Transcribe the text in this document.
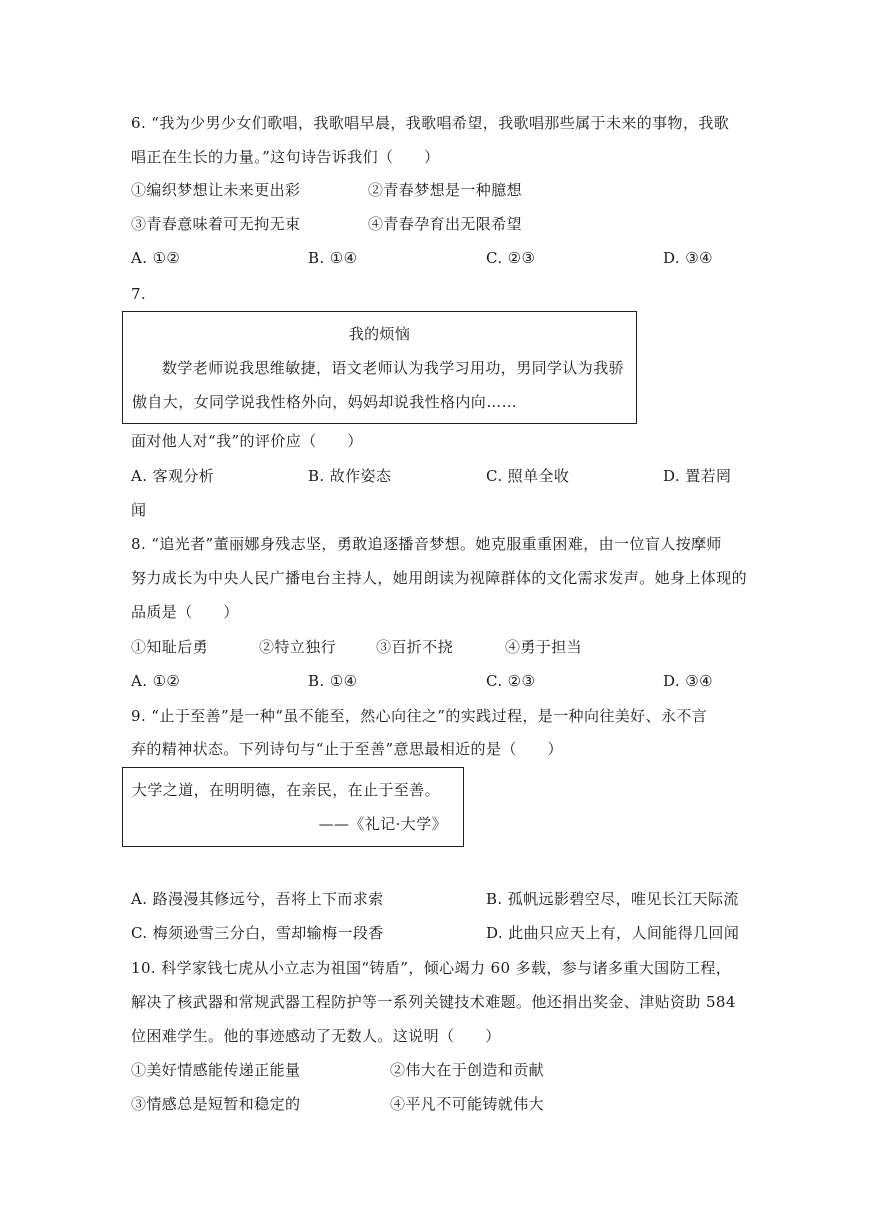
6. “我为少男少女们歌唱，我歌唱早晨，我歌唱希望，我歌唱那些属于未来的事物，我歌
唱正在生长的力量。”这句诗告诉我们（　　）
①编织梦想让未来更出彩	②青春梦想是一种臆想
③青春意味着可无拘无束	④青春孕育出无限希望
A. ①②	B. ①④	C. ②③	D. ③④
7.
我的烦恼
数学老师说我思维敏捷，语文老师认为我学习用功，男同学认为我骄
傲自大，女同学说我性格外向，妈妈却说我性格内向……
面对他人对“我”的评价应（　　）
A. 客观分析	B. 故作姿态	C. 照单全收	D. 置若罔
闻
8. “追光者”董丽娜身残志坚，勇敢追逐播音梦想。她克服重重困难，由一位盲人按摩师
努力成长为中央人民广播电台主持人，她用朗读为视障群体的文化需求发声。她身上体现的
品质是（　　）
①知耻后勇	②特立独行	③百折不挠	④勇于担当
A. ①②	B. ①④	C. ②③	D. ③④
9. “止于至善”是一种“虽不能至，然心向往之”的实践过程，是一种向往美好、永不言
弃的精神状态。下列诗句与“止于至善”意思最相近的是（　　）
大学之道，在明明德，在亲民，在止于至善。
——《礼记·大学》
A. 路漫漫其修远兮，吾将上下而求索	B. 孤帆远影碧空尽，唯见长江天际流
C. 梅须逊雪三分白，雪却输梅一段香	D. 此曲只应天上有，人间能得几回闻
10. 科学家钱七虎从小立志为祖国“铸盾”，倾心竭力 60 多载，参与诸多重大国防工程，
解决了核武器和常规武器工程防护等一系列关键技术难题。他还捐出奖金、津贴资助 584
位困难学生。他的事迹感动了无数人。这说明（　　）
①美好情感能传递正能量	②伟大在于创造和贡献
③情感总是短暂和稳定的	④平凡不可能铸就伟大
